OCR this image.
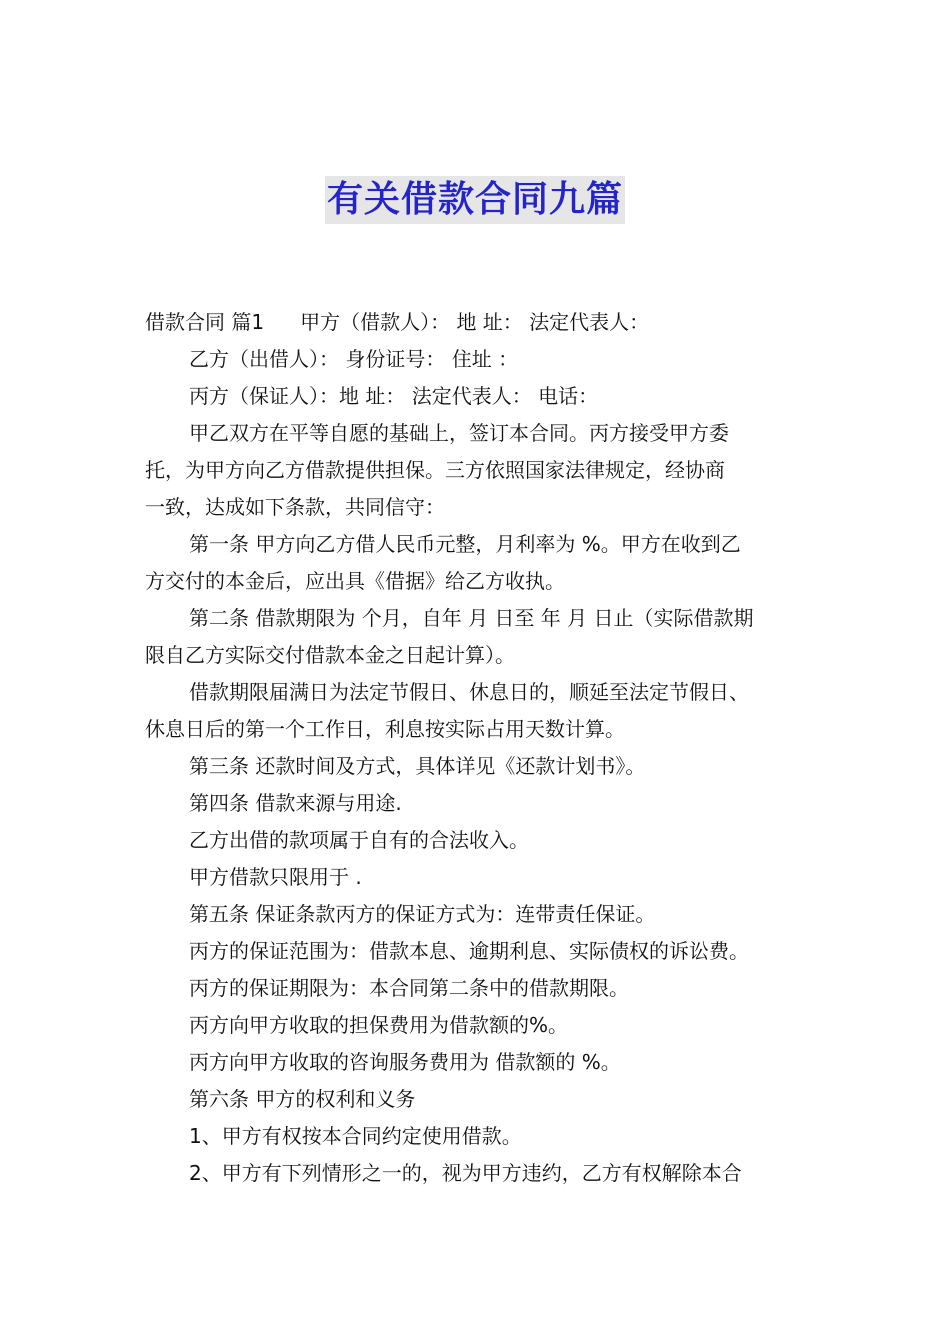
有关借款合同九篇
借款合同 篇1 甲方（借款人）： 地 址： 法定代表人：
乙方（出借人）： 身份证号： 住址 ：
丙方（保证人）：地 址： 法定代表人： 电话：
甲乙双方在平等自愿的基础上，签订本合同。丙方接受甲方委
托，为甲方向乙方借款提供担保。三方依照国家法律规定，经协商
一致，达成如下条款，共同信守：
第一条 甲方向乙方借人民币元整，月利率为 %。甲方在收到乙
方交付的本金后，应出具《借据》给乙方收执。
第二条 借款期限为 个月，自年 月 日至 年 月 日止（实际借款期
限自乙方实际交付借款本金之日起计算）。
借款期限届满日为法定节假日、休息日的，顺延至法定节假日、
休息日后的第一个工作日，利息按实际占用天数计算。
第三条 还款时间及方式，具体详见《还款计划书》。
第四条 借款来源与用途.
乙方出借的款项属于自有的合法收入。
甲方借款只限用于 .
第五条 保证条款丙方的保证方式为：连带责任保证。
丙方的保证范围为：借款本息、逾期利息、实际债权的诉讼费。
丙方的保证期限为：本合同第二条中的借款期限。
丙方向甲方收取的担保费用为借款额的%。
丙方向甲方收取的咨询服务费用为 借款额的 %。
第六条 甲方的权利和义务
1、甲方有权按本合同约定使用借款。
2、甲方有下列情形之一的，视为甲方违约，乙方有权解除本合
